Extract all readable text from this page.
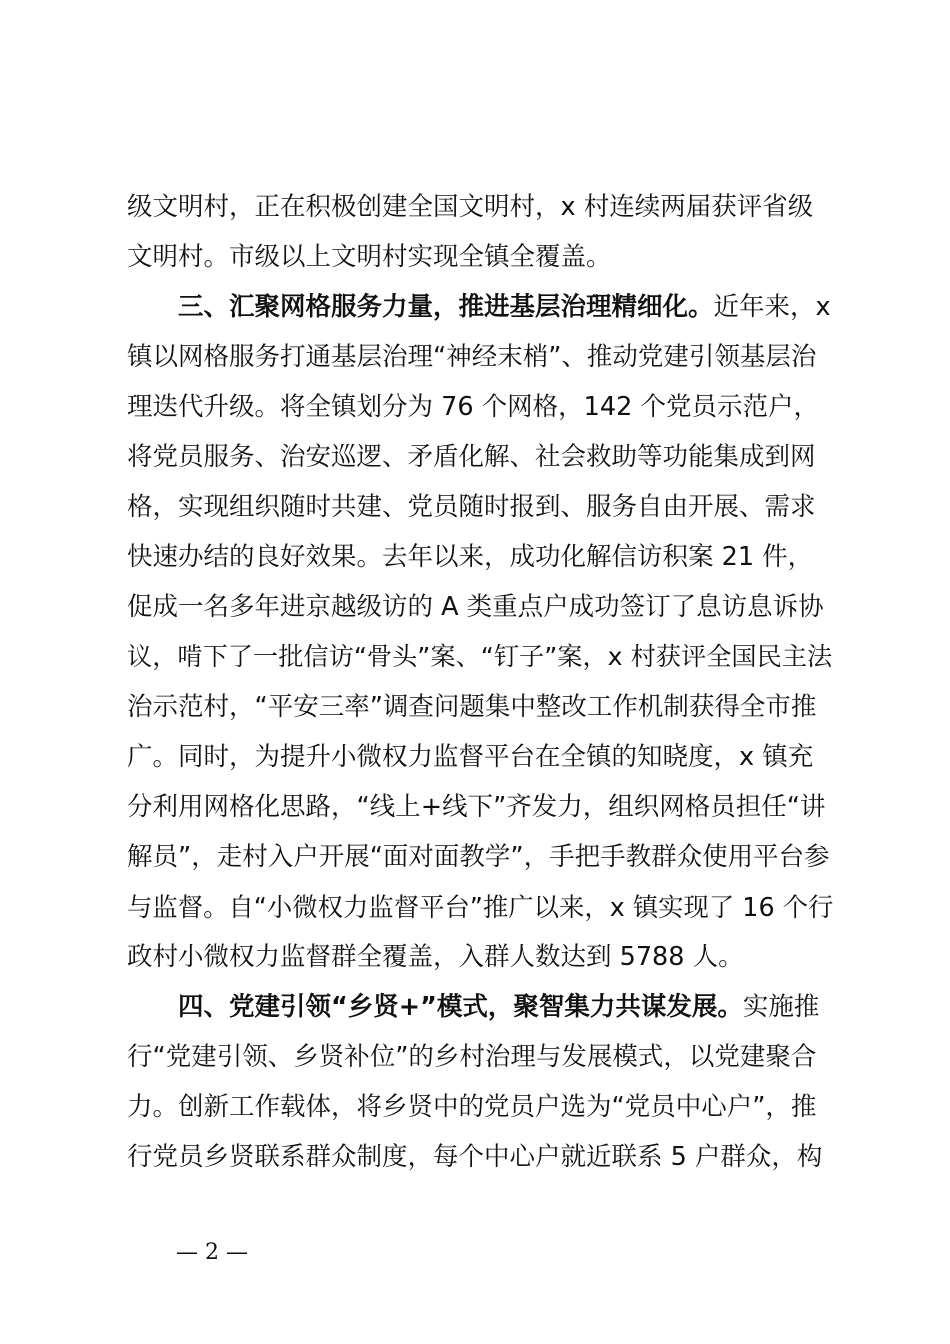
级文明村，正在积极创建全国文明村，x 村连续两届获评省级
文明村。市级以上文明村实现全镇全覆盖。
三、汇聚网格服务力量，推进基层治理精细化。近年来，x
镇以网格服务打通基层治理“神经末梢”、推动党建引领基层治
理迭代升级。将全镇划分为 76 个网格，142 个党员示范户，
将党员服务、治安巡逻、矛盾化解、社会救助等功能集成到网
格，实现组织随时共建、党员随时报到、服务自由开展、需求
快速办结的良好效果。去年以来，成功化解信访积案 21 件，
促成一名多年进京越级访的 A 类重点户成功签订了息访息诉协
议，啃下了一批信访“骨头”案、“钉子”案，x 村获评全国民主法
治示范村，“平安三率”调查问题集中整改工作机制获得全市推
广。同时，为提升小微权力监督平台在全镇的知晓度，x 镇充
分利用网格化思路，“线上+线下”齐发力，组织网格员担任“讲
解员”，走村入户开展“面对面教学”，手把手教群众使用平台参
与监督。自“小微权力监督平台”推广以来，x 镇实现了 16 个行
政村小微权力监督群全覆盖，入群人数达到 5788 人。
四、党建引领“乡贤+”模式，聚智集力共谋发展。实施推
行“党建引领、乡贤补位”的乡村治理与发展模式，以党建聚合
力。创新工作载体，将乡贤中的党员户选为“党员中心户”，推
行党员乡贤联系群众制度，每个中心户就近联系 5 户群众，构
— 2 —
